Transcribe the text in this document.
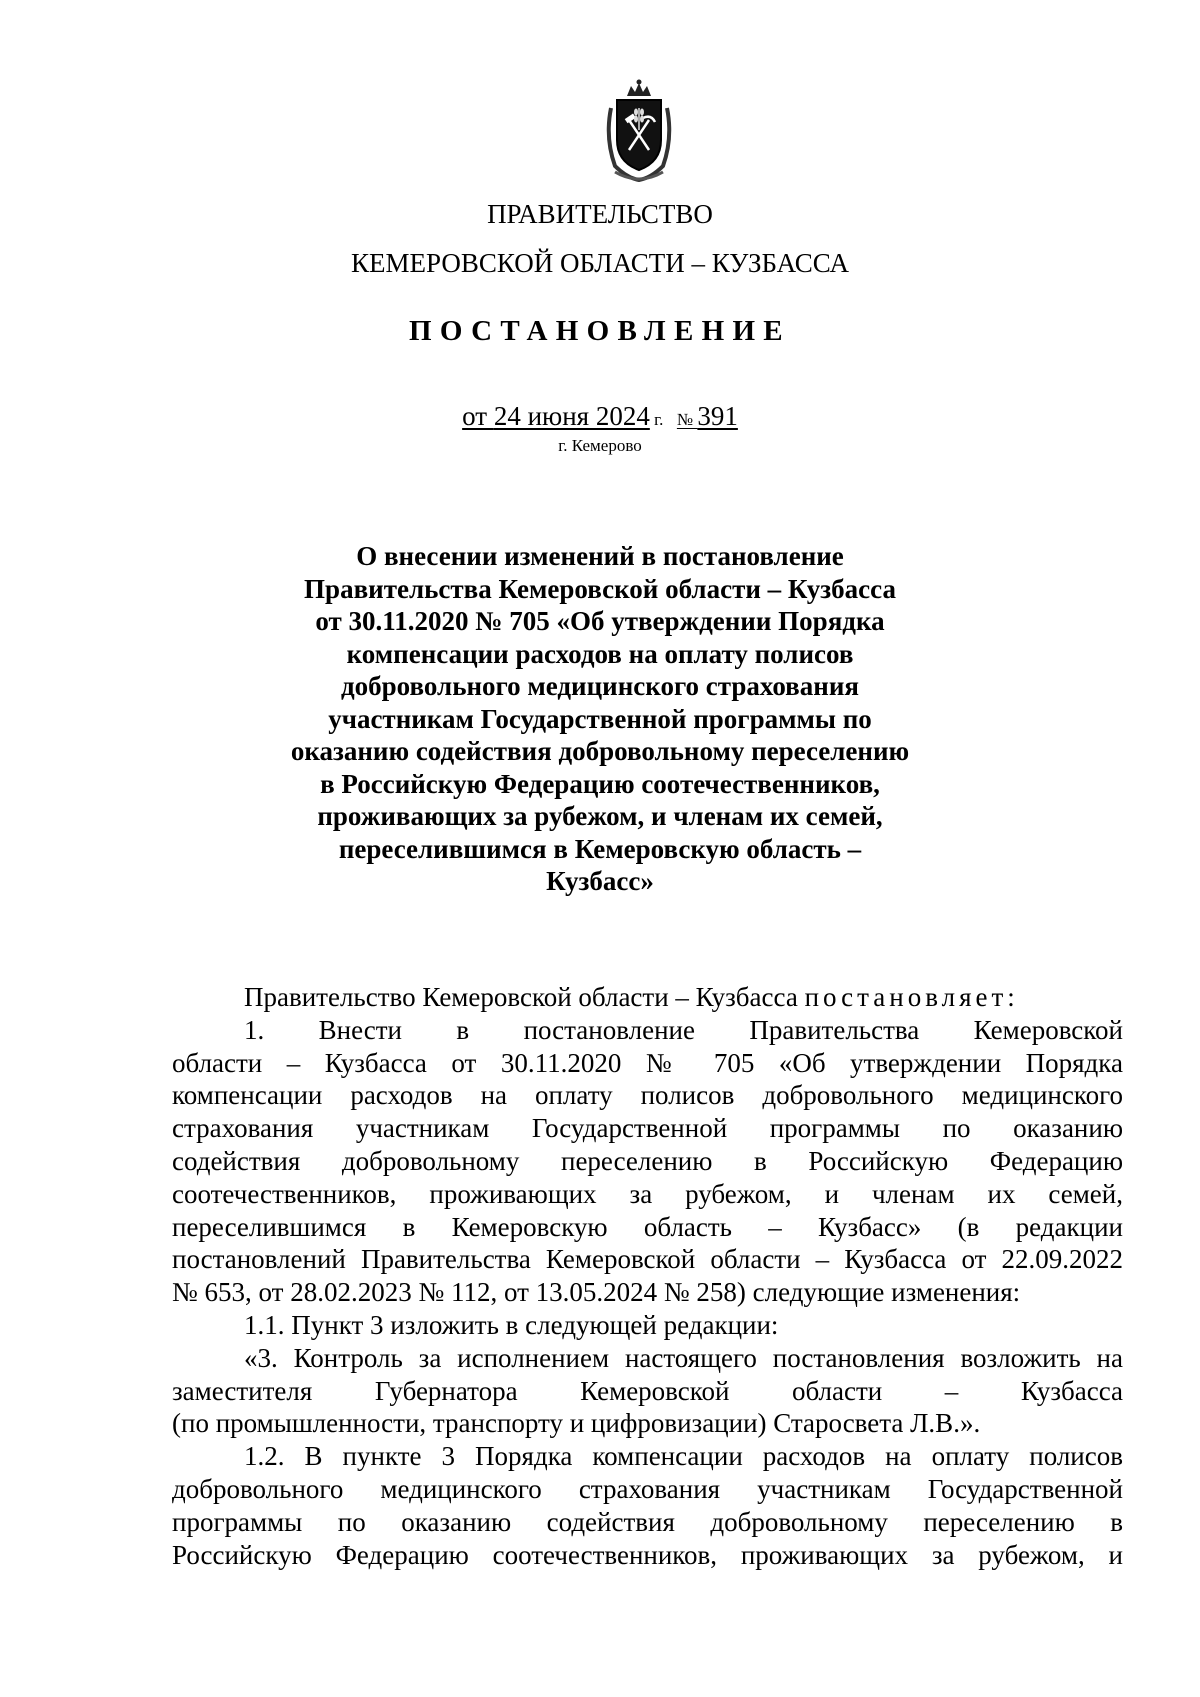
ПРАВИТЕЛЬСТВО
КЕМЕРОВСКОЙ ОБЛАСТИ – КУЗБАССА
ПОСТАНОВЛЕНИЕ
от 24 июня 2024 г. № 391
г. Кемерово
О внесении изменений в постановление
Правительства Кемеровской области – Кузбасса
от 30.11.2020 № 705 «Об утверждении Порядка
компенсации расходов на оплату полисов
добровольного медицинского страхования
участникам Государственной программы по
оказанию содействия добровольному переселению
в Российскую Федерацию соотечественников,
проживающих за рубежом, и членам их семей,
переселившимся в Кемеровскую область –
Кузбасс»

Правительство Кемеровской области – Кузбасса постановляет:

1. Внести в постановление Правительства Кемеровской

области – Кузбасса от 30.11.2020 № 705 «Об утверждении Порядка

компенсации расходов на оплату полисов добровольного медицинского

страхования участникам Государственной программы по оказанию

содействия добровольному переселению в Российскую Федерацию

соотечественников, проживающих за рубежом, и членам их семей,

переселившимся в Кемеровскую область – Кузбасс» (в редакции

постановлений Правительства Кемеровской области – Кузбасса от 22.09.2022

№ 653, от 28.02.2023 № 112, от 13.05.2024 № 258) следующие изменения:

1.1. Пункт 3 изложить в следующей редакции:

«3. Контроль за исполнением настоящего постановления возложить на

заместителя Губернатора Кемеровской области – Кузбасса

(по промышленности, транспорту и цифровизации) Старосвета Л.В.».

1.2. В пункте 3 Порядка компенсации расходов на оплату полисов

добровольного медицинского страхования участникам Государственной

программы по оказанию содействия добровольному переселению в

Российскую Федерацию соотечественников, проживающих за рубежом, и
